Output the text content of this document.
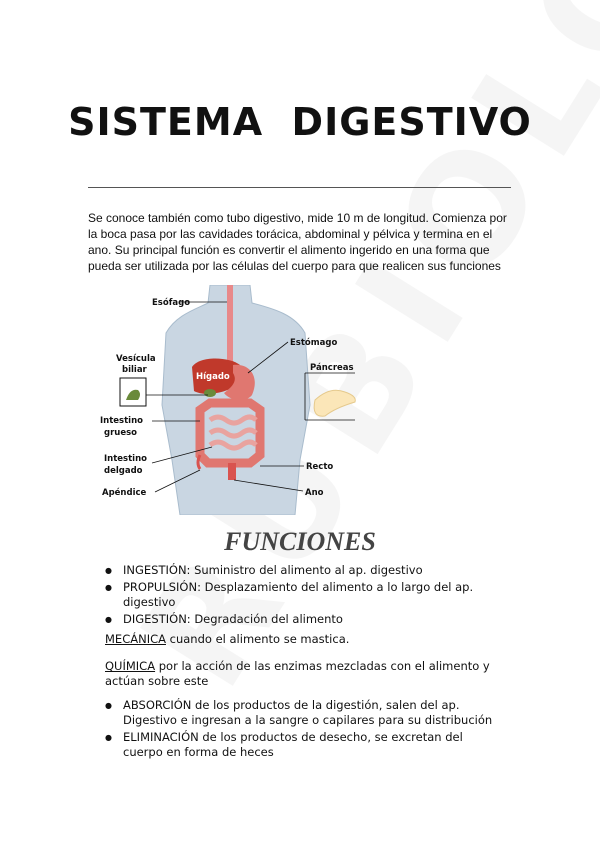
SISTEMA  DIGESTIVO

Se conoce también como tubo digestivo, mide 10 m de longitud. Comienza por la boca pasa por las cavidades torácica, abdominal y pélvica y termina en el ano. Su principal función es convertir el alimento ingerido en una forma que pueda ser utilizada por las células del cuerpo para que realicen sus funciones

Esófago
Estómago
Vesícula
biliar
Hígado
Páncreas
Intestino
grueso
Intestino
delgado	Recto
Apéndice	Ano
FUNCIONES
● INGESTIÓN: Suministro del alimento al ap. digestivo
● PROPULSIÓN: Desplazamiento del alimento a lo largo del ap. digestivo
● DIGESTIÓN: Degradación del alimento

MECÁNICA cuando el alimento se mastica.

QUÍMICA por la acción de las enzimas mezcladas con el alimento y actúan sobre este

● ABSORCIÓN de los productos de la digestión, salen del ap. Digestivo e ingresan a la sangre o capilares para su distribución
● ELIMINACIÓN de los productos de desecho, se excretan del cuerpo en forma de heces
